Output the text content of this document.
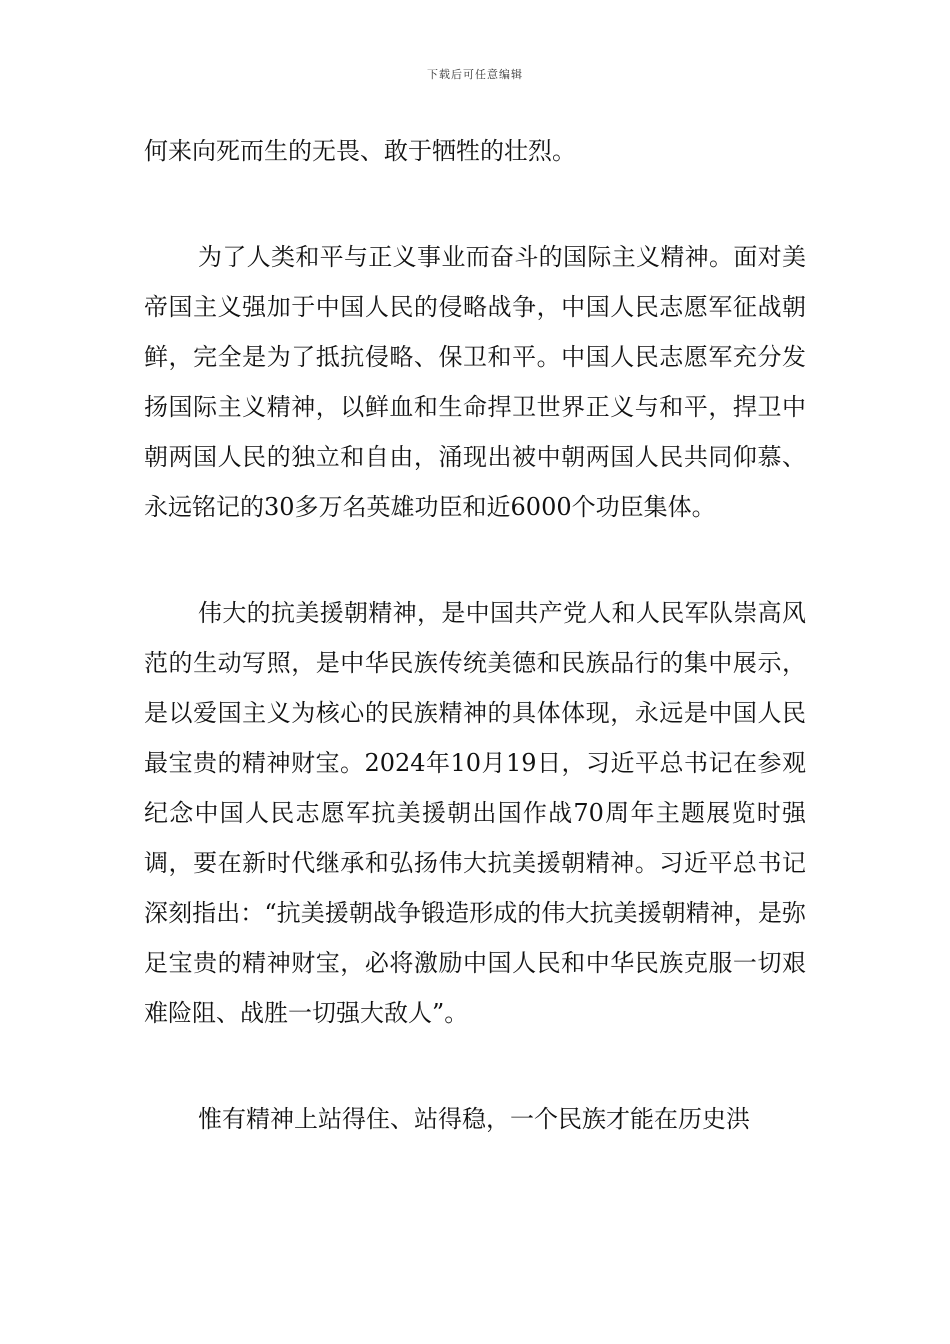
下载后可任意编辑

何来向死而生的无畏、敢于牺牲的壮烈。

为了人类和平与正义事业而奋斗的国际主义精神。面对美帝国主义强加于中国人民的侵略战争，中国人民志愿军征战朝鲜，完全是为了抵抗侵略、保卫和平。中国人民志愿军充分发扬国际主义精神，以鲜血和生命捍卫世界正义与和平，捍卫中朝两国人民的独立和自由，涌现出被中朝两国人民共同仰慕、永远铭记的30多万名英雄功臣和近6000个功臣集体。

伟大的抗美援朝精神，是中国共产党人和人民军队崇高风范的生动写照，是中华民族传统美德和民族品行的集中展示，是以爱国主义为核心的民族精神的具体体现，永远是中国人民最宝贵的精神财宝。2024年10月19日，习近平总书记在参观纪念中国人民志愿军抗美援朝出国作战70周年主题展览时强调，要在新时代继承和弘扬伟大抗美援朝精神。习近平总书记深刻指出：“抗美援朝战争锻造形成的伟大抗美援朝精神，是弥足宝贵的精神财宝，必将激励中国人民和中华民族克服一切艰难险阻、战胜一切强大敌人”。

惟有精神上站得住、站得稳，一个民族才能在历史洪
